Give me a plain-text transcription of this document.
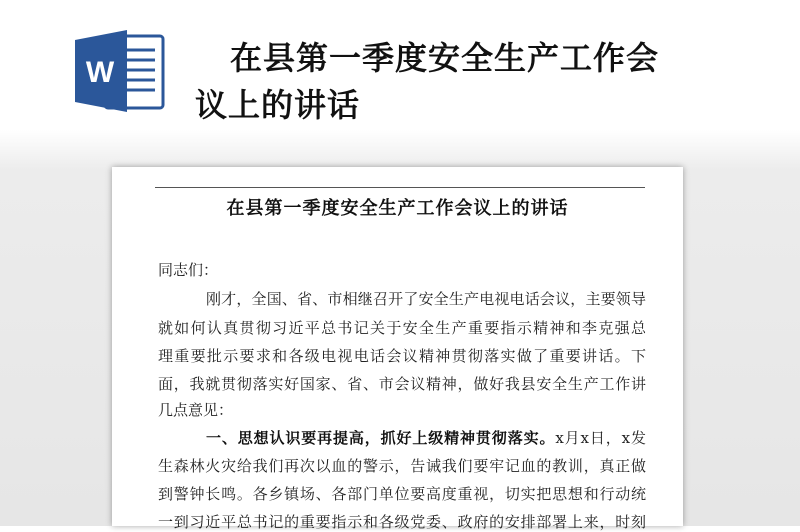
W	在县第一季度安全生产工作会
议上的讲话
在县第一季度安全生产工作会议上的讲话
同志们：
刚才，全国、省、市相继召开了安全生产电视电话会议，主要领导
就如何认真贯彻习近平总书记关于安全生产重要指示精神和李克强总
理重要批示要求和各级电视电话会议精神贯彻落实做了重要讲话。下
面，我就贯彻落实好国家、省、市会议精神，做好我县安全生产工作讲
几点意见：
一、思想认识要再提高，抓好上级精神贯彻落实。x月x日，x发
生森林火灾给我们再次以血的警示，告诫我们要牢记血的教训，真正做
到警钟长鸣。各乡镇场、各部门单位要高度重视，切实把思想和行动统
一到习近平总书记的重要指示和各级党委、政府的安排部署上来，时刻
